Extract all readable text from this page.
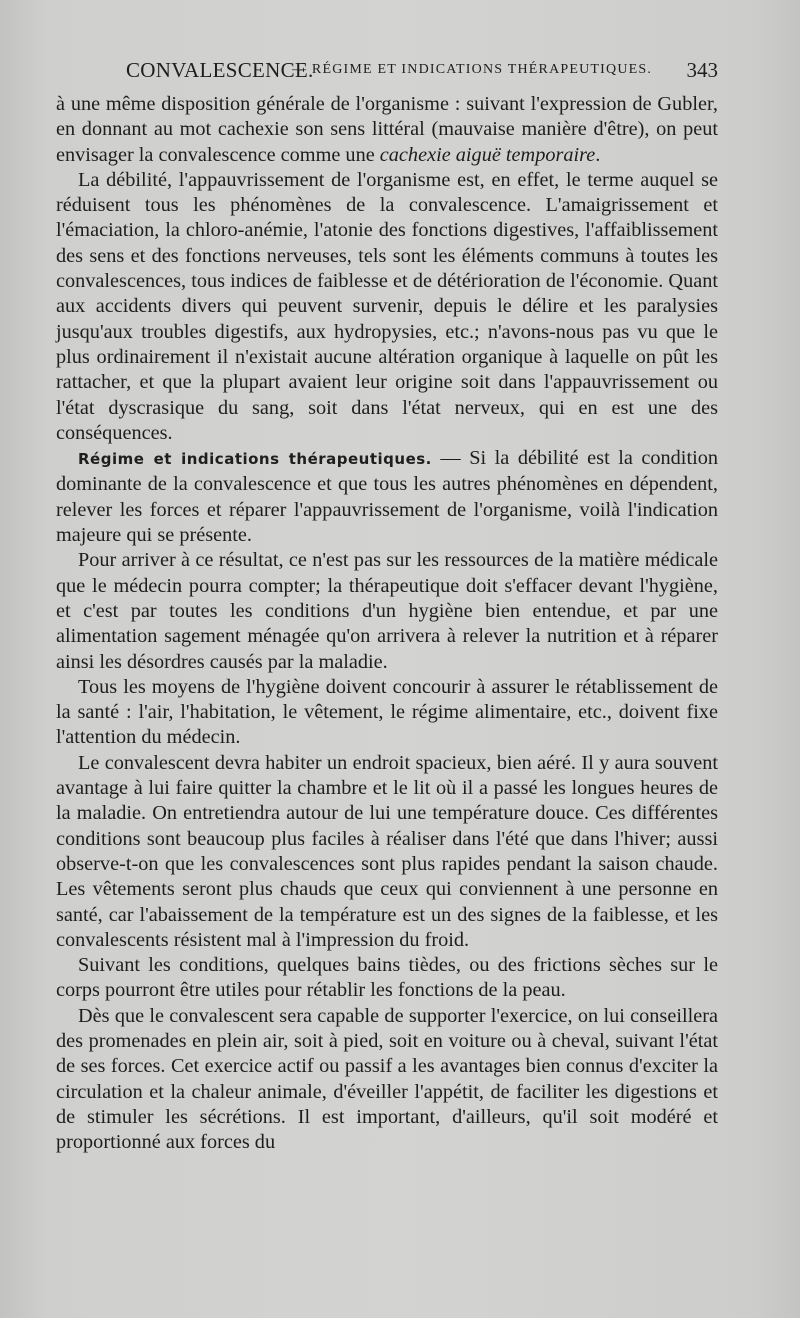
CONVALESCENCE.
— RÉGIME ET INDICATIONS THÉRAPEUTIQUES. 343

à une même disposition générale de l'organisme : suivant l'expression de Gubler, en donnant au mot cachexie son sens littéral (mauvaise manière d'être), on peut envisager la convalescence comme une cachexie aiguë temporaire.

La débilité, l'appauvrissement de l'organisme est, en effet, le terme auquel se réduisent tous les phénomènes de la convalescence. L'amaigrissement et l'émaciation, la chloro-anémie, l'atonie des fonctions digestives, l'affaiblissement des sens et des fonctions nerveuses, tels sont les éléments communs à toutes les convalescences, tous indices de faiblesse et de détérioration de l'économie. Quant aux accidents divers qui peuvent survenir, depuis le délire et les paralysies jusqu'aux troubles digestifs, aux hydropysies, etc.; n'avons-nous pas vu que le plus ordinairement il n'existait aucune altération organique à laquelle on pût les rattacher, et que la plupart avaient leur origine soit dans l'appauvrissement ou l'état dyscrasique du sang, soit dans l'état nerveux, qui en est une des conséquences.

Régime et indications thérapeutiques. — Si la débilité est la condition dominante de la convalescence et que tous les autres phénomènes en dépendent, relever les forces et réparer l'appauvrissement de l'organisme, voilà l'indication majeure qui se présente.

Pour arriver à ce résultat, ce n'est pas sur les ressources de la matière médicale que le médecin pourra compter; la thérapeutique doit s'effacer devant l'hygiène, et c'est par toutes les conditions d'un hygiène bien entendue, et par une alimentation sagement ménagée qu'on arrivera à relever la nutrition et à réparer ainsi les désordres causés par la maladie.

Tous les moyens de l'hygiène doivent concourir à assurer le rétablissement de la santé : l'air, l'habitation, le vêtement, le régime alimentaire, etc., doivent fixe l'attention du médecin.

Le convalescent devra habiter un endroit spacieux, bien aéré. Il y aura souvent avantage à lui faire quitter la chambre et le lit où il a passé les longues heures de la maladie. On entretiendra autour de lui une température douce. Ces différentes conditions sont beaucoup plus faciles à réaliser dans l'été que dans l'hiver; aussi observe-t-on que les convalescences sont plus rapides pendant la saison chaude. Les vêtements seront plus chauds que ceux qui conviennent à une personne en santé, car l'abaissement de la température est un des signes de la faiblesse, et les convalescents résistent mal à l'impression du froid.

Suivant les conditions, quelques bains tièdes, ou des frictions sèches sur le corps pourront être utiles pour rétablir les fonctions de la peau.

Dès que le convalescent sera capable de supporter l'exercice, on lui conseillera des promenades en plein air, soit à pied, soit en voiture ou à cheval, suivant l'état de ses forces. Cet exercice actif ou passif a les avantages bien connus d'exciter la circulation et la chaleur animale, d'éveiller l'appétit, de faciliter les digestions et de stimuler les sécrétions. Il est important, d'ailleurs, qu'il soit modéré et proportionné aux forces du
